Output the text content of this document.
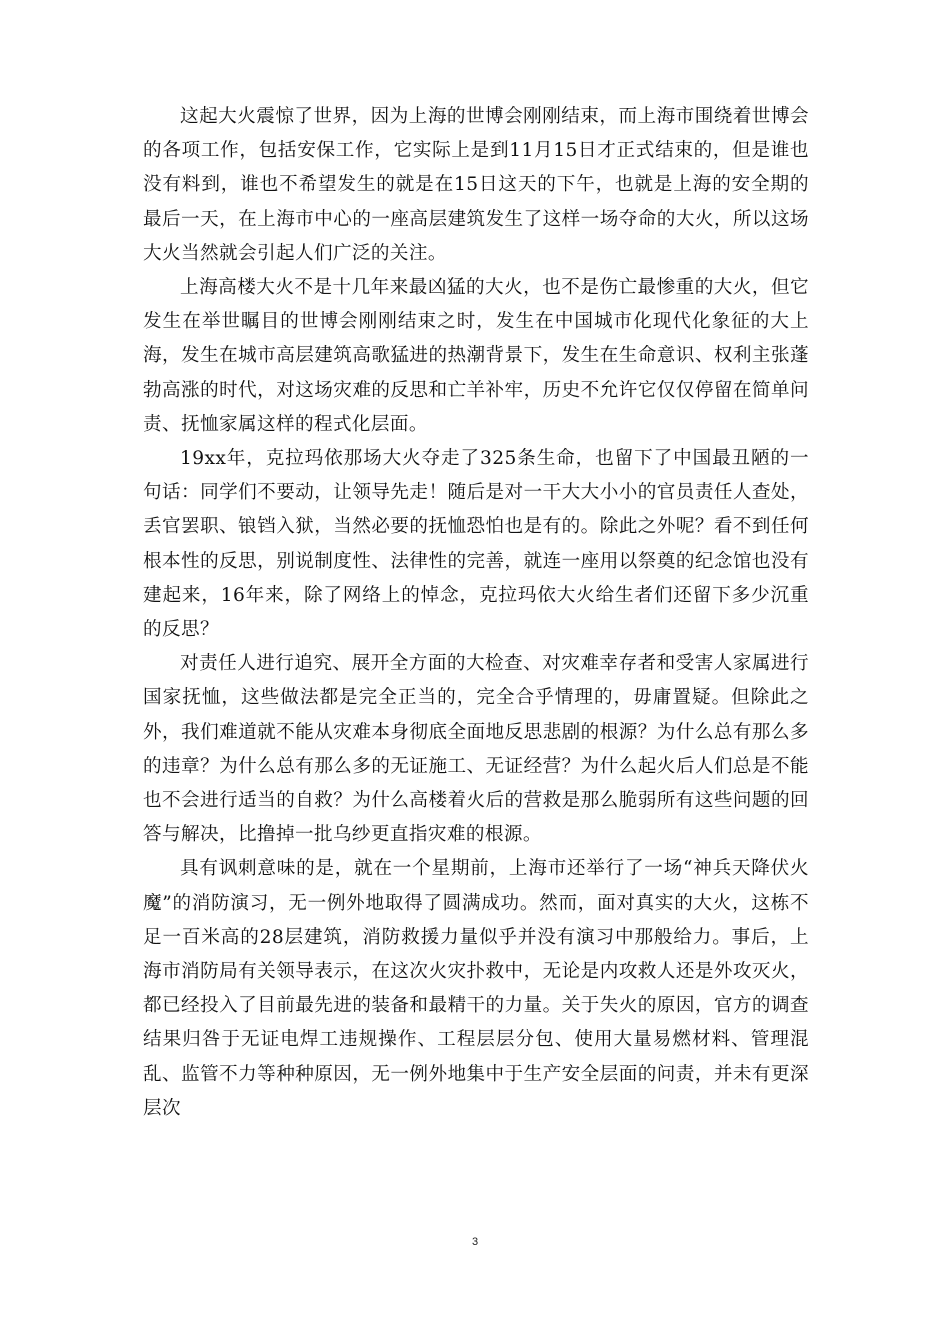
这起大火震惊了世界，因为上海的世博会刚刚结束，而上海市围绕着世博会的各项工作，包括安保工作，它实际上是到11月15日才正式结束的，但是谁也没有料到，谁也不希望发生的就是在15日这天的下午，也就是上海的安全期的最后一天，在上海市中心的一座高层建筑发生了这样一场夺命的大火，所以这场大火当然就会引起人们广泛的关注。

上海高楼大火不是十几年来最凶猛的大火，也不是伤亡最惨重的大火，但它发生在举世瞩目的世博会刚刚结束之时，发生在中国城市化现代化象征的大上海，发生在城市高层建筑高歌猛进的热潮背景下，发生在生命意识、权利主张蓬勃高涨的时代，对这场灾难的反思和亡羊补牢，历史不允许它仅仅停留在简单问责、抚恤家属这样的程式化层面。

19xx年，克拉玛依那场大火夺走了325条生命，也留下了中国最丑陋的一句话：同学们不要动，让领导先走！随后是对一干大大小小的官员责任人查处，丢官罢职、锒铛入狱，当然必要的抚恤恐怕也是有的。除此之外呢？看不到任何根本性的反思，别说制度性、法律性的完善，就连一座用以祭奠的纪念馆也没有建起来，16年来，除了网络上的悼念，克拉玛依大火给生者们还留下多少沉重的反思？

对责任人进行追究、展开全方面的大检查、对灾难幸存者和受害人家属进行国家抚恤，这些做法都是完全正当的，完全合乎情理的，毋庸置疑。但除此之外，我们难道就不能从灾难本身彻底全面地反思悲剧的根源？为什么总有那么多的违章？为什么总有那么多的无证施工、无证经营？为什么起火后人们总是不能也不会进行适当的自救？为什么高楼着火后的营救是那么脆弱所有这些问题的回答与解决，比撸掉一批乌纱更直指灾难的根源。

具有讽刺意味的是，就在一个星期前，上海市还举行了一场“神兵天降伏火魔”的消防演习，无一例外地取得了圆满成功。然而，面对真实的大火，这栋不足一百米高的28层建筑，消防救援力量似乎并没有演习中那般给力。事后，上海市消防局有关领导表示，在这次火灾扑救中，无论是内攻救人还是外攻灭火，都已经投入了目前最先进的装备和最精干的力量。关于失火的原因，官方的调查结果归咎于无证电焊工违规操作、工程层层分包、使用大量易燃材料、管理混乱、监管不力等种种原因，无一例外地集中于生产安全层面的问责，并未有更深层次

3
